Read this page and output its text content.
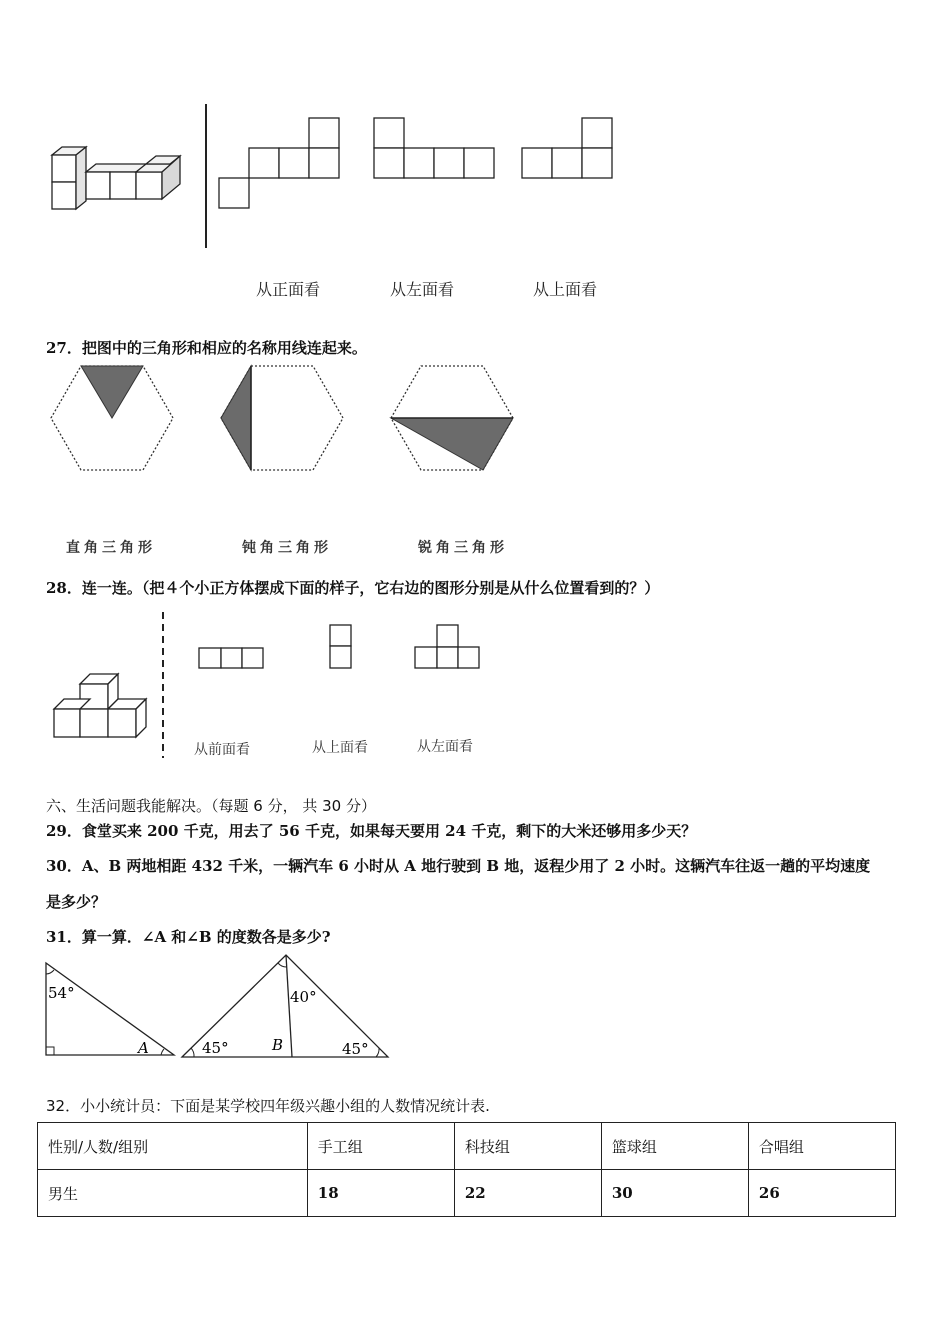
从正面看	从左面看	从上面看
27．把图中的三角形和相应的名称用线连起来。
直角三角形	钝角三角形	锐角三角形
28．连一连。（把４个小正方体摆成下面的样子，它右边的图形分别是从什么位置看到的？）
从前面看	从上面看	从左面看
六、生活问题我能解决。（每题 6 分， 共 30 分）
29．食堂买来 200 千克，用去了 56 千克，如果每天要用 24 千克，剩下的大米还够用多少天？
30．A、B 两地相距 432 千米，一辆汽车 6 小时从 A 地行驶到 B 地，返程少用了 2 小时。这辆汽车往返一趟的平均速度
是多少？
31．算一算．∠A 和∠B 的度数各是多少?
54°
A
40°
45°	B	45°
32．小小统计员：下面是某学校四年级兴趣小组的人数情况统计表.
性别/人数/组别	手工组	科技组	篮球组	合唱组
男生	18	22	30	26
